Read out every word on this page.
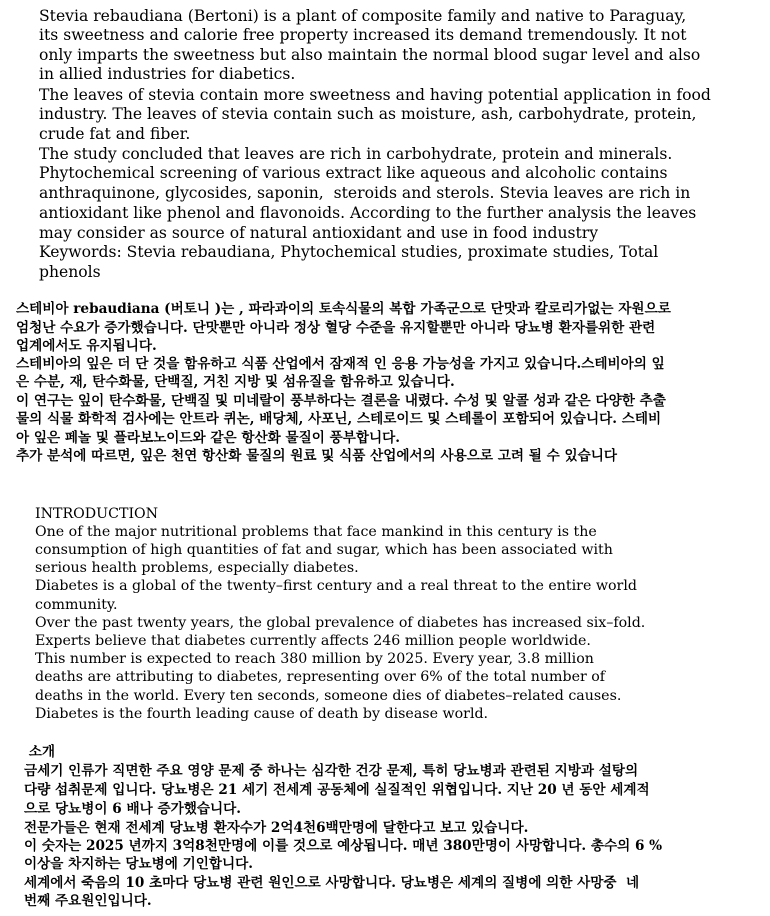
Stevia rebaudiana (Bertoni) is a plant of composite family and native to Paraguay,

its sweetness and calorie free property increased its demand tremendously. It not

only imparts the sweetness but also maintain the normal blood sugar level and also

in allied industries for diabetics.

The leaves of stevia contain more sweetness and having potential application in food

industry. The leaves of stevia contain such as moisture, ash, carbohydrate, protein,

crude fat and fiber.

The study concluded that leaves are rich in carbohydrate, protein and minerals.

Phytochemical screening of various extract like aqueous and alcoholic contains

anthraquinone, glycosides, saponin,  steroids and sterols. Stevia leaves are rich in

antioxidant like phenol and flavonoids. According to the further analysis the leaves

may consider as source of natural antioxidant and use in food industry

Keywords: Stevia rebaudiana, Phytochemical studies, proximate studies, Total

phenols

스테비아 rebaudiana (버토니 )는 , 파라과이의 토속식물의 복합 가족군으로 단맛과 칼로리가없는 자원으로

엄청난 수요가 증가했습니다. 단맛뿐만 아니라 정상 혈당 수준을 유지할뿐만 아니라 당뇨병 환자를위한 관련

업계에서도 유지됩니다.

스테비아의 잎은 더 단 것을 함유하고 식품 산업에서 잠재적 인 응용 가능성을 가지고 있습니다.스테비아의 잎

은 수분, 재, 탄수화물, 단백질, 거친 지방 및 섬유질을 함유하고 있습니다.

이 연구는 잎이 탄수화물, 단백질 및 미네랄이 풍부하다는 결론을 내렸다. 수성 및 알콜 성과 같은 다양한 추출

물의 식물 화학적 검사에는 안트라 퀴논, 배당체, 사포닌, 스테로이드 및 스테롤이 포함되어 있습니다. 스테비

아 잎은 페놀 및 플라보노이드와 같은 항산화 물질이 풍부합니다.

추가 분석에 따르면, 잎은 천연 항산화 물질의 원료 및 식품 산업에서의 사용으로 고려 될 수 있습니다

INTRODUCTION

One of the major nutritional problems that face mankind in this century is the

consumption of high quantities of fat and sugar, which has been associated with

serious health problems, especially diabetes.

Diabetes is a global of the twenty–first century and a real threat to the entire world

community.

Over the past twenty years, the global prevalence of diabetes has increased six–fold.

Experts believe that diabetes currently affects 246 million people worldwide.

This number is expected to reach 380 million by 2025. Every year, 3.8 million

deaths are attributing to diabetes, representing over 6% of the total number of

deaths in the world. Every ten seconds, someone dies of diabetes–related causes.

Diabetes is the fourth leading cause of death by disease world.

소개

금세기 인류가 직면한 주요 영양 문제 중 하나는 심각한 건강 문제, 특히 당뇨병과 관련된 지방과 설탕의

다량 섭취문제 입니다. 당뇨병은 21 세기 전세계 공동체에 실질적인 위협입니다. 지난 20 년 동안 세계적

으로 당뇨병이 6 배나 증가했습니다.

전문가들은 현재 전세계 당뇨병 환자수가 2억4천6백만명에 달한다고 보고 있습니다.

이 숫자는 2025 년까지 3억8천만명에 이를 것으로 예상됩니다. 매년 380만명이 사망합니다. 총수의 6 %

이상을 차지하는 당뇨병에 기인합니다.

세계에서 죽음의 10 초마다 당뇨병 관련 원인으로 사망합니다. 당뇨병은 세계의 질병에 의한 사망중  네

번째 주요원인입니다.
